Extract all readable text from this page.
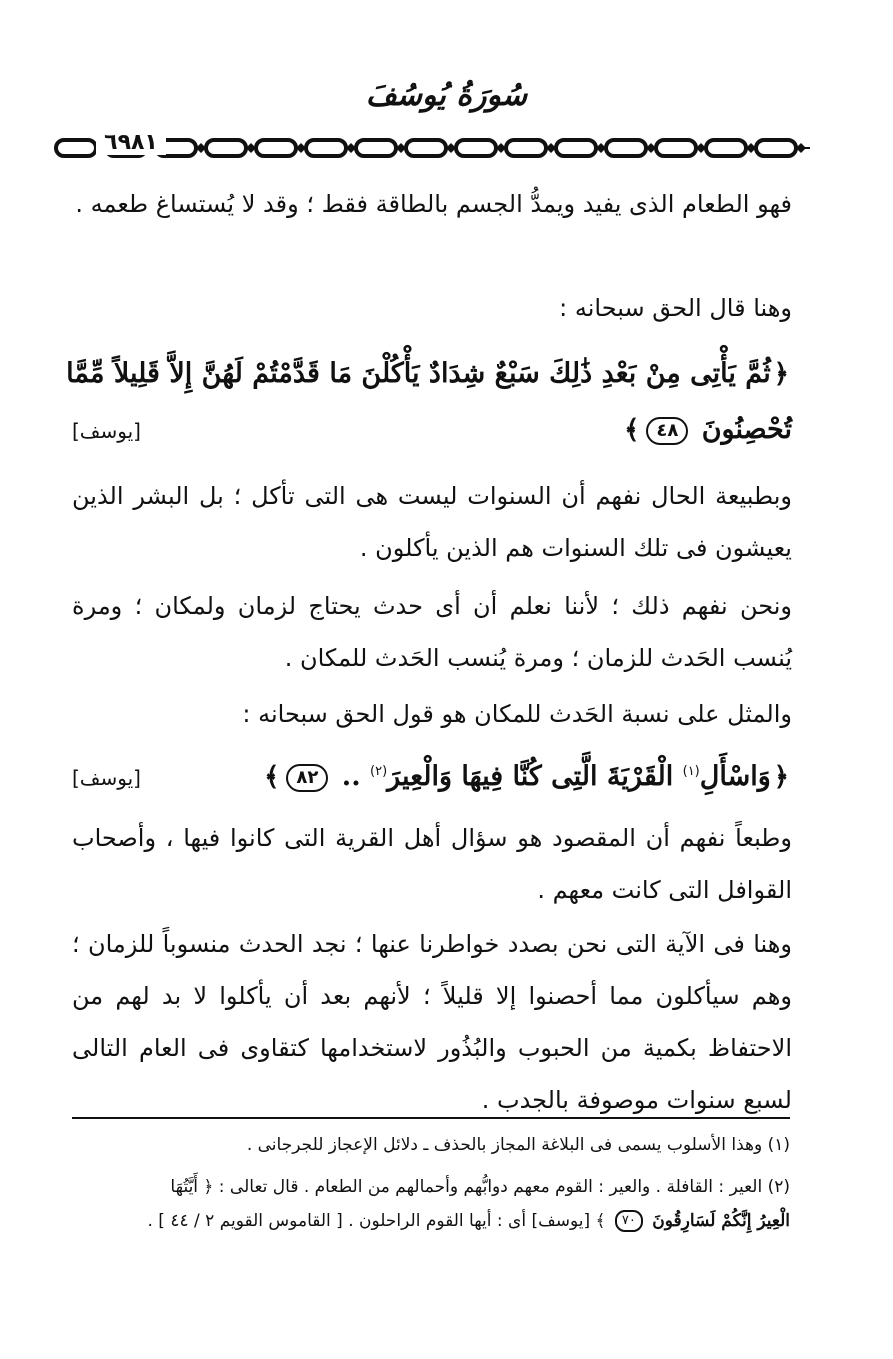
سُورَةُ يُوسُفَ
٦٩٨١

فهو الطعام الذى يفيد ويمدُّ الجسم بالطاقة فقط ؛ وقد لا يُستساغ طعمه .

وهنا قال الحق سبحانه :

﴿ثُمَّ يَأْتِى مِنْ بَعْدِ ذَٰلِكَ سَبْعٌ شِدَادٌ يَأْكُلْنَ مَا قَدَّمْتُمْ لَهُنَّ إِلاَّ قَلِيلاً مِّمَّا
تُحْصِنُونَ ٤٨﴾
[يوسف]

وبطبيعة الحال نفهم أن السنوات ليست هى التى تأكل ؛ بل البشر الذين يعيشون فى تلك السنوات هم الذين يأكلون .

ونحن نفهم ذلك ؛ لأننا نعلم أن أى حدث يحتاج لزمان ولمكان ؛ ومرة يُنسب الحَدث للزمان ؛ ومرة يُنسب الحَدث للمكان .

والمثل على نسبة الحَدث للمكان هو قول الحق سبحانه :

﴿وَاسْأَلِ$^{(١)}$ الْقَرْيَةَ الَّتِى كُنَّا فِيهَا وَالْعِيرَ$^{(٢)}$ .. ٨٢﴾
[يوسف]

وطبعاً نفهم أن المقصود هو سؤال أهل القرية التى كانوا فيها ، وأصحاب القوافل التى كانت معهم .

وهنا فى الآية التى نحن بصدد خواطرنا عنها ؛ نجد الحدث منسوباً للزمان ؛ وهم سيأكلون مما أحصنوا إلا قليلاً ؛ لأنهم بعد أن يأكلوا لا بد لهم من الاحتفاظ بكمية من الحبوب والبُذُور لاستخدامها كتقاوى فى العام التالى لسبع سنوات موصوفة بالجدب .

(١) وهذا الأسلوب يسمى فى البلاغة المجاز بالحذف ـ دلائل الإعجاز للجرجانى .

(٢) العير : القافلة . والعير : القوم معهم دوابُّهم وأحمالهم من الطعام . قال تعالى : ﴿ أَيَّتُهَا
الْعِيرُ إِنَّكُمْ لَسَارِقُونَ ٧٠ ﴾ [يوسف] أى : أيها القوم الراحلون . [ القاموس القويم ٢ / ٤٤ ] .
